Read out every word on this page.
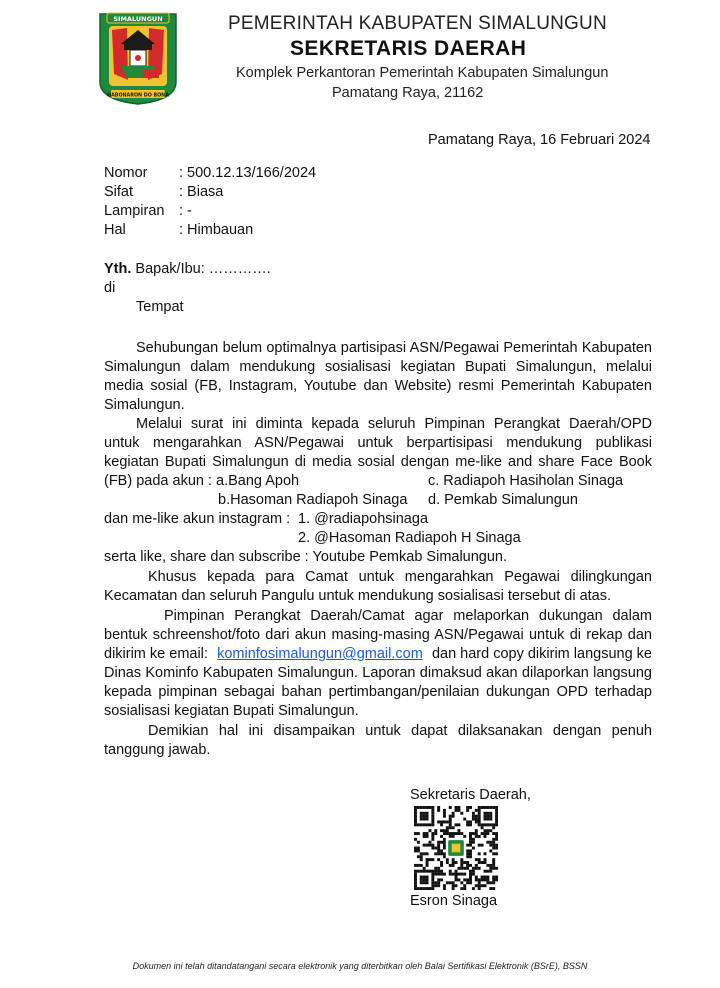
SIMALUNGUN
HABONARON DO BONA
PEMERINTAH KABUPATEN SIMALUNGUN
SEKRETARIS DAERAH
Komplek Perkantoran Pemerintah Kabupaten Simalungun
Pamatang Raya, 21162
Pamatang Raya, 16 Februari 2024
Nomor : 500.12.13/166/2024
Sifat	: Biasa
Lampiran : -
Hal	: Himbauan
Yth. Bapak/Ibu: ………….
di
Tempat
Sehubungan belum optimalnya partisipasi ASN/Pegawai Pemerintah Kabupaten
Simalungun dalam mendukung sosialisasi kegiatan Bupati Simalungun, melalui
media sosial (FB, Instagram, Youtube dan Website) resmi Pemerintah Kabupaten
Simalungun.
Melalui surat ini diminta kepada seluruh Pimpinan Perangkat Daerah/OPD
untuk mengarahkan ASN/Pegawai untuk berpartisipasi mendukung publikasi
kegiatan Bupati Simalungun di media sosial dengan me-like and share Face Book
(FB) pada akun : a.Bang Apoh	c. Radiapoh Hasiholan Sinaga
b.Hasoman Radiapoh Sinaga d. Pemkab Simalungun
dan me-like akun instagram : 1. @radiapohsinaga
2. @Hasoman Radiapoh H Sinaga
serta like, share dan subscribe : Youtube Pemkab Simalungun.
Khusus kepada para Camat untuk mengarahkan Pegawai dilingkungan
Kecamatan dan seluruh Pangulu untuk mendukung sosialisasi tersebut di atas.
Pimpinan Perangkat Daerah/Camat agar melaporkan dukungan dalam
bentuk schreenshot/foto dari akun masing-masing ASN/Pegawai untuk di rekap dan
dikirim ke email: kominfosimalungun@gmail.com dan hard copy dikirim langsung ke
Dinas Kominfo Kabupaten Simalungun. Laporan dimaksud akan dilaporkan langsung
kepada pimpinan sebagai bahan pertimbangan/penilaian dukungan OPD terhadap
sosialisasi kegiatan Bupati Simalungun.
Demikian hal ini disampaikan untuk dapat dilaksanakan dengan penuh
tanggung jawab.
Sekretaris Daerah,
Esron Sinaga
Dokumen ini telah ditandatangani secara elektronik yang diterbitkan oleh Balai Sertifikasi Elektronik (BSrE), BSSN
